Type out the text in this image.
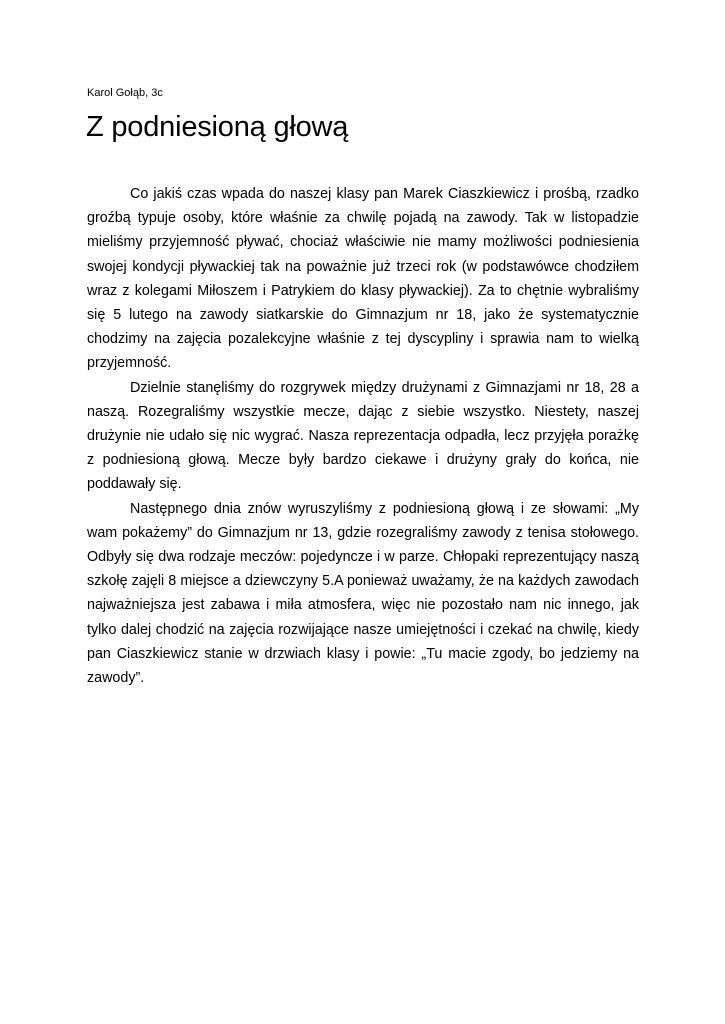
Karol Gołąb, 3c
Z podniesioną głową

Co jakiś czas wpada do naszej klasy pan Marek Ciaszkiewicz i prośbą, rzadko groźbą typuje osoby, które właśnie za chwilę pojadą na zawody. Tak w listopadzie mieliśmy przyjemność pływać, chociaż właściwie nie mamy możliwości podniesienia swojej kondycji pływackiej tak na poważnie już trzeci rok (w podstawówce chodziłem wraz z kolegami Miłoszem i Patrykiem do klasy pływackiej). Za to chętnie wybraliśmy się 5 lutego na zawody siatkarskie do Gimnazjum nr 18, jako że systematycznie chodzimy na zajęcia pozalekcyjne właśnie z tej dyscypliny i sprawia nam to wielką przyjemność.

Dzielnie stanęliśmy do rozgrywek między drużynami z Gimnazjami nr 18, 28 a naszą. Rozegraliśmy wszystkie mecze, dając z siebie wszystko. Niestety, naszej drużynie nie udało się nic wygrać. Nasza reprezentacja odpadła, lecz przyjęła porażkę z podniesioną głową. Mecze były bardzo ciekawe i drużyny grały do końca, nie poddawały się.

Następnego dnia znów wyruszyliśmy z podniesioną głową i ze słowami: „My wam pokażemy” do Gimnazjum nr 13, gdzie rozegraliśmy zawody z tenisa stołowego. Odbyły się dwa rodzaje meczów: pojedyncze i w parze. Chłopaki reprezentujący naszą szkołę zajęli 8 miejsce a dziewczyny 5.A ponieważ uważamy, że na każdych zawodach najważniejsza jest zabawa i miła atmosfera, więc nie pozostało nam nic innego, jak tylko dalej chodzić na zajęcia rozwijające nasze umiejętności i czekać na chwilę, kiedy pan Ciaszkiewicz stanie w drzwiach klasy i powie: „Tu macie zgody, bo jedziemy na zawody”.
